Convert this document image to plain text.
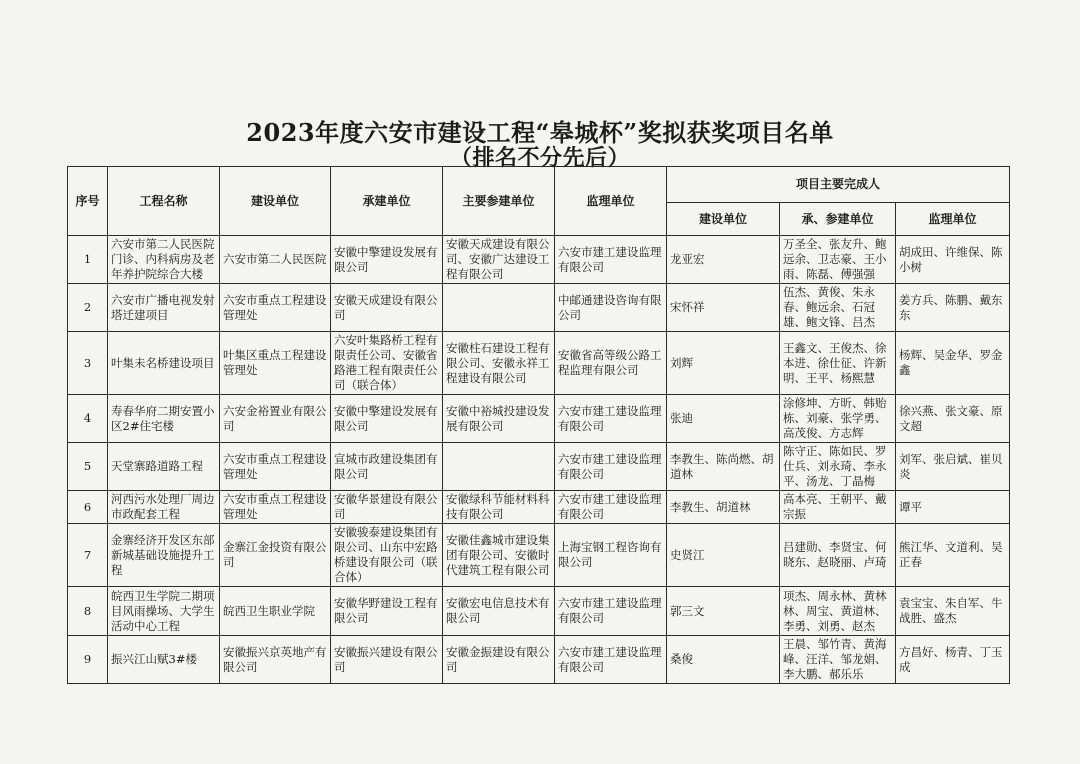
2023年度六安市建设工程“皋城杯”奖拟获奖项目名单
（排名不分先后）
序号	工程名称	建设单位	承建单位	主要参建单位	监理单位	项目主要完成人		
						建设单位	承、参建单位	监理单位
1	六安市第二人民医院门诊、内科病房及老年养护院综合大楼	六安市第二人民医院	安徽中擎建设发展有限公司	安徽天成建设有限公司、安徽广达建设工程有限公司	六安市建工建设监理有限公司	龙亚宏	万圣全、张友升、鲍远余、卫志豪、王小雨、陈磊、傅强强	胡成田、许维保、陈小树
2	六安市广播电视发射塔迁建项目	六安市重点工程建设管理处	安徽天成建设有限公司		中邮通建设咨询有限公司	宋怀祥	伍杰、黄俊、朱永春、鲍远余、石冠雄、鲍文锋、吕杰	姜方兵、陈鹏、戴东东
3	叶集未名桥建设项目	叶集区重点工程建设管理处	六安叶集路桥工程有限责任公司、安徽省路港工程有限责任公司（联合体）	安徽柱石建设工程有限公司、安徽永祥工程建设有限公司	安徽省高等级公路工程监理有限公司	刘辉	王鑫文、王俊杰、徐本进、徐仕征、许新明、王平、杨熙慧	杨辉、吴金华、罗金鑫
4	寿春华府二期安置小区2#住宅楼	六安金裕置业有限公司	安徽中擎建设发展有限公司	安徽中裕城投建设发展有限公司	六安市建工建设监理有限公司	张迪	涂修坤、方昕、韩贻栋、刘豪、张学勇、高茂俊、方志辉	徐兴燕、张文豪、原文超
5	天堂寨路道路工程	六安市重点工程建设管理处	宣城市政建设集团有限公司		六安市建工建设监理有限公司	李教生、陈尚燃、胡道林	陈守正、陈如民、罗仕兵、刘永琦、李永平、汤龙、丁晶梅	刘军、张启斌、崔贝炎
6	河西污水处理厂周边市政配套工程	六安市重点工程建设管理处	安徽华景建设有限公司	安徽绿科节能材料科技有限公司	六安市建工建设监理有限公司	李教生、胡道林	高本亮、王朝平、戴宗振	谭平
7	金寨经济开发区东部新城基础设施提升工程	金寨江金投资有限公司	安徽骏泰建设集团有限公司、山东中宏路桥建设有限公司（联合体）	安徽佳鑫城市建设集团有限公司、安徽时代建筑工程有限公司	上海宝钢工程咨询有限公司	史贤江	吕建勋、李贤宝、何晓东、赵晓丽、卢琦	熊江华、文道利、吴正春
8	皖西卫生学院二期项目风雨操场、大学生活动中心工程	皖西卫生职业学院	安徽华野建设工程有限公司	安徽宏电信息技术有限公司	六安市建工建设监理有限公司	郭三文	项杰、周永林、黄林林、周宝、黄道林、李勇、刘勇、赵杰	袁宝宝、朱自军、牛战胜、盛杰
9	振兴江山赋3#楼	安徽振兴京英地产有限公司	安徽振兴建设有限公司	安徽金振建设有限公司	六安市建工建设监理有限公司	桑俊	王晨、邹竹青、黄海峰、汪洋、邹龙娟、李大鹏、郝乐乐	方昌好、杨青、丁玉成
